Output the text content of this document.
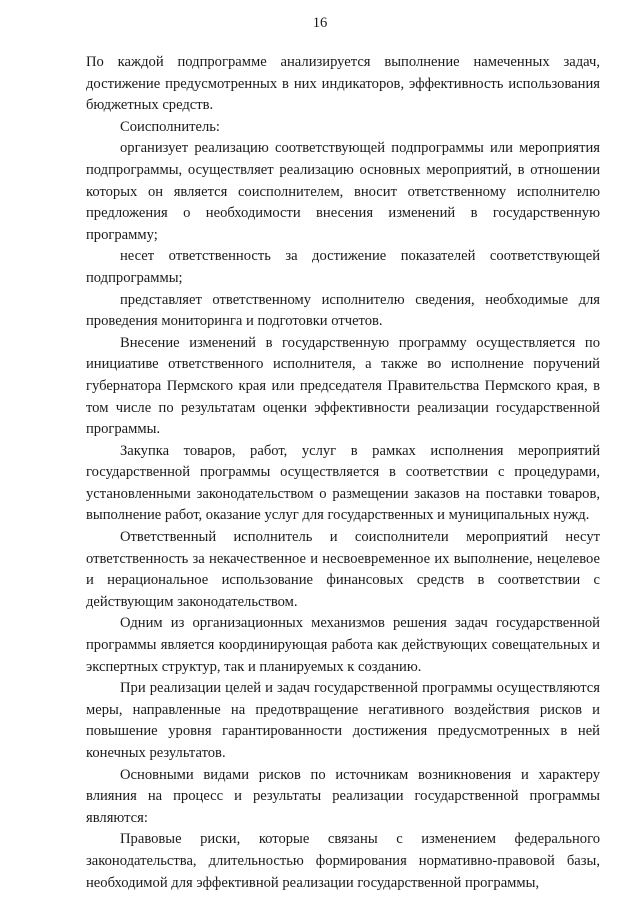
16

По каждой подпрограмме анализируется выполнение намеченных задач, достижение предусмотренных в них индикаторов, эффективность использования бюджетных средств.

Соисполнитель:

организует реализацию соответствующей подпрограммы или мероприятия подпрограммы, осуществляет реализацию основных мероприятий, в отношении которых он является соисполнителем, вносит ответственному исполнителю предложения о необходимости внесения изменений в государственную программу;

несет ответственность за достижение показателей соответствующей подпрограммы;

представляет ответственному исполнителю сведения, необходимые для проведения мониторинга и подготовки отчетов.

Внесение изменений в государственную программу осуществляется по инициативе ответственного исполнителя, а также во исполнение поручений губернатора Пермского края или председателя Правительства Пермского края, в том числе по результатам оценки эффективности реализации государственной программы.

Закупка товаров, работ, услуг в рамках исполнения мероприятий государственной программы осуществляется в соответствии с процедурами, установленными законодательством о размещении заказов на поставки товаров, выполнение работ, оказание услуг для государственных и муниципальных нужд.

Ответственный исполнитель и соисполнители мероприятий несут ответственность за некачественное и несвоевременное их выполнение, нецелевое и нерациональное использование финансовых средств в соответствии с действующим законодательством.

Одним из организационных механизмов решения задач государственной программы является координирующая работа как действующих совещательных и экспертных структур, так и планируемых к созданию.

При реализации целей и задач государственной программы осуществляются меры, направленные на предотвращение негативного воздействия рисков и повышение уровня гарантированности достижения предусмотренных в ней конечных результатов.

Основными видами рисков по источникам возникновения и характеру влияния на процесс и результаты реализации государственной программы являются:

Правовые риски, которые связаны с изменением федерального законодательства, длительностью формирования нормативно-правовой базы, необходимой для эффективной реализации государственной программы,
